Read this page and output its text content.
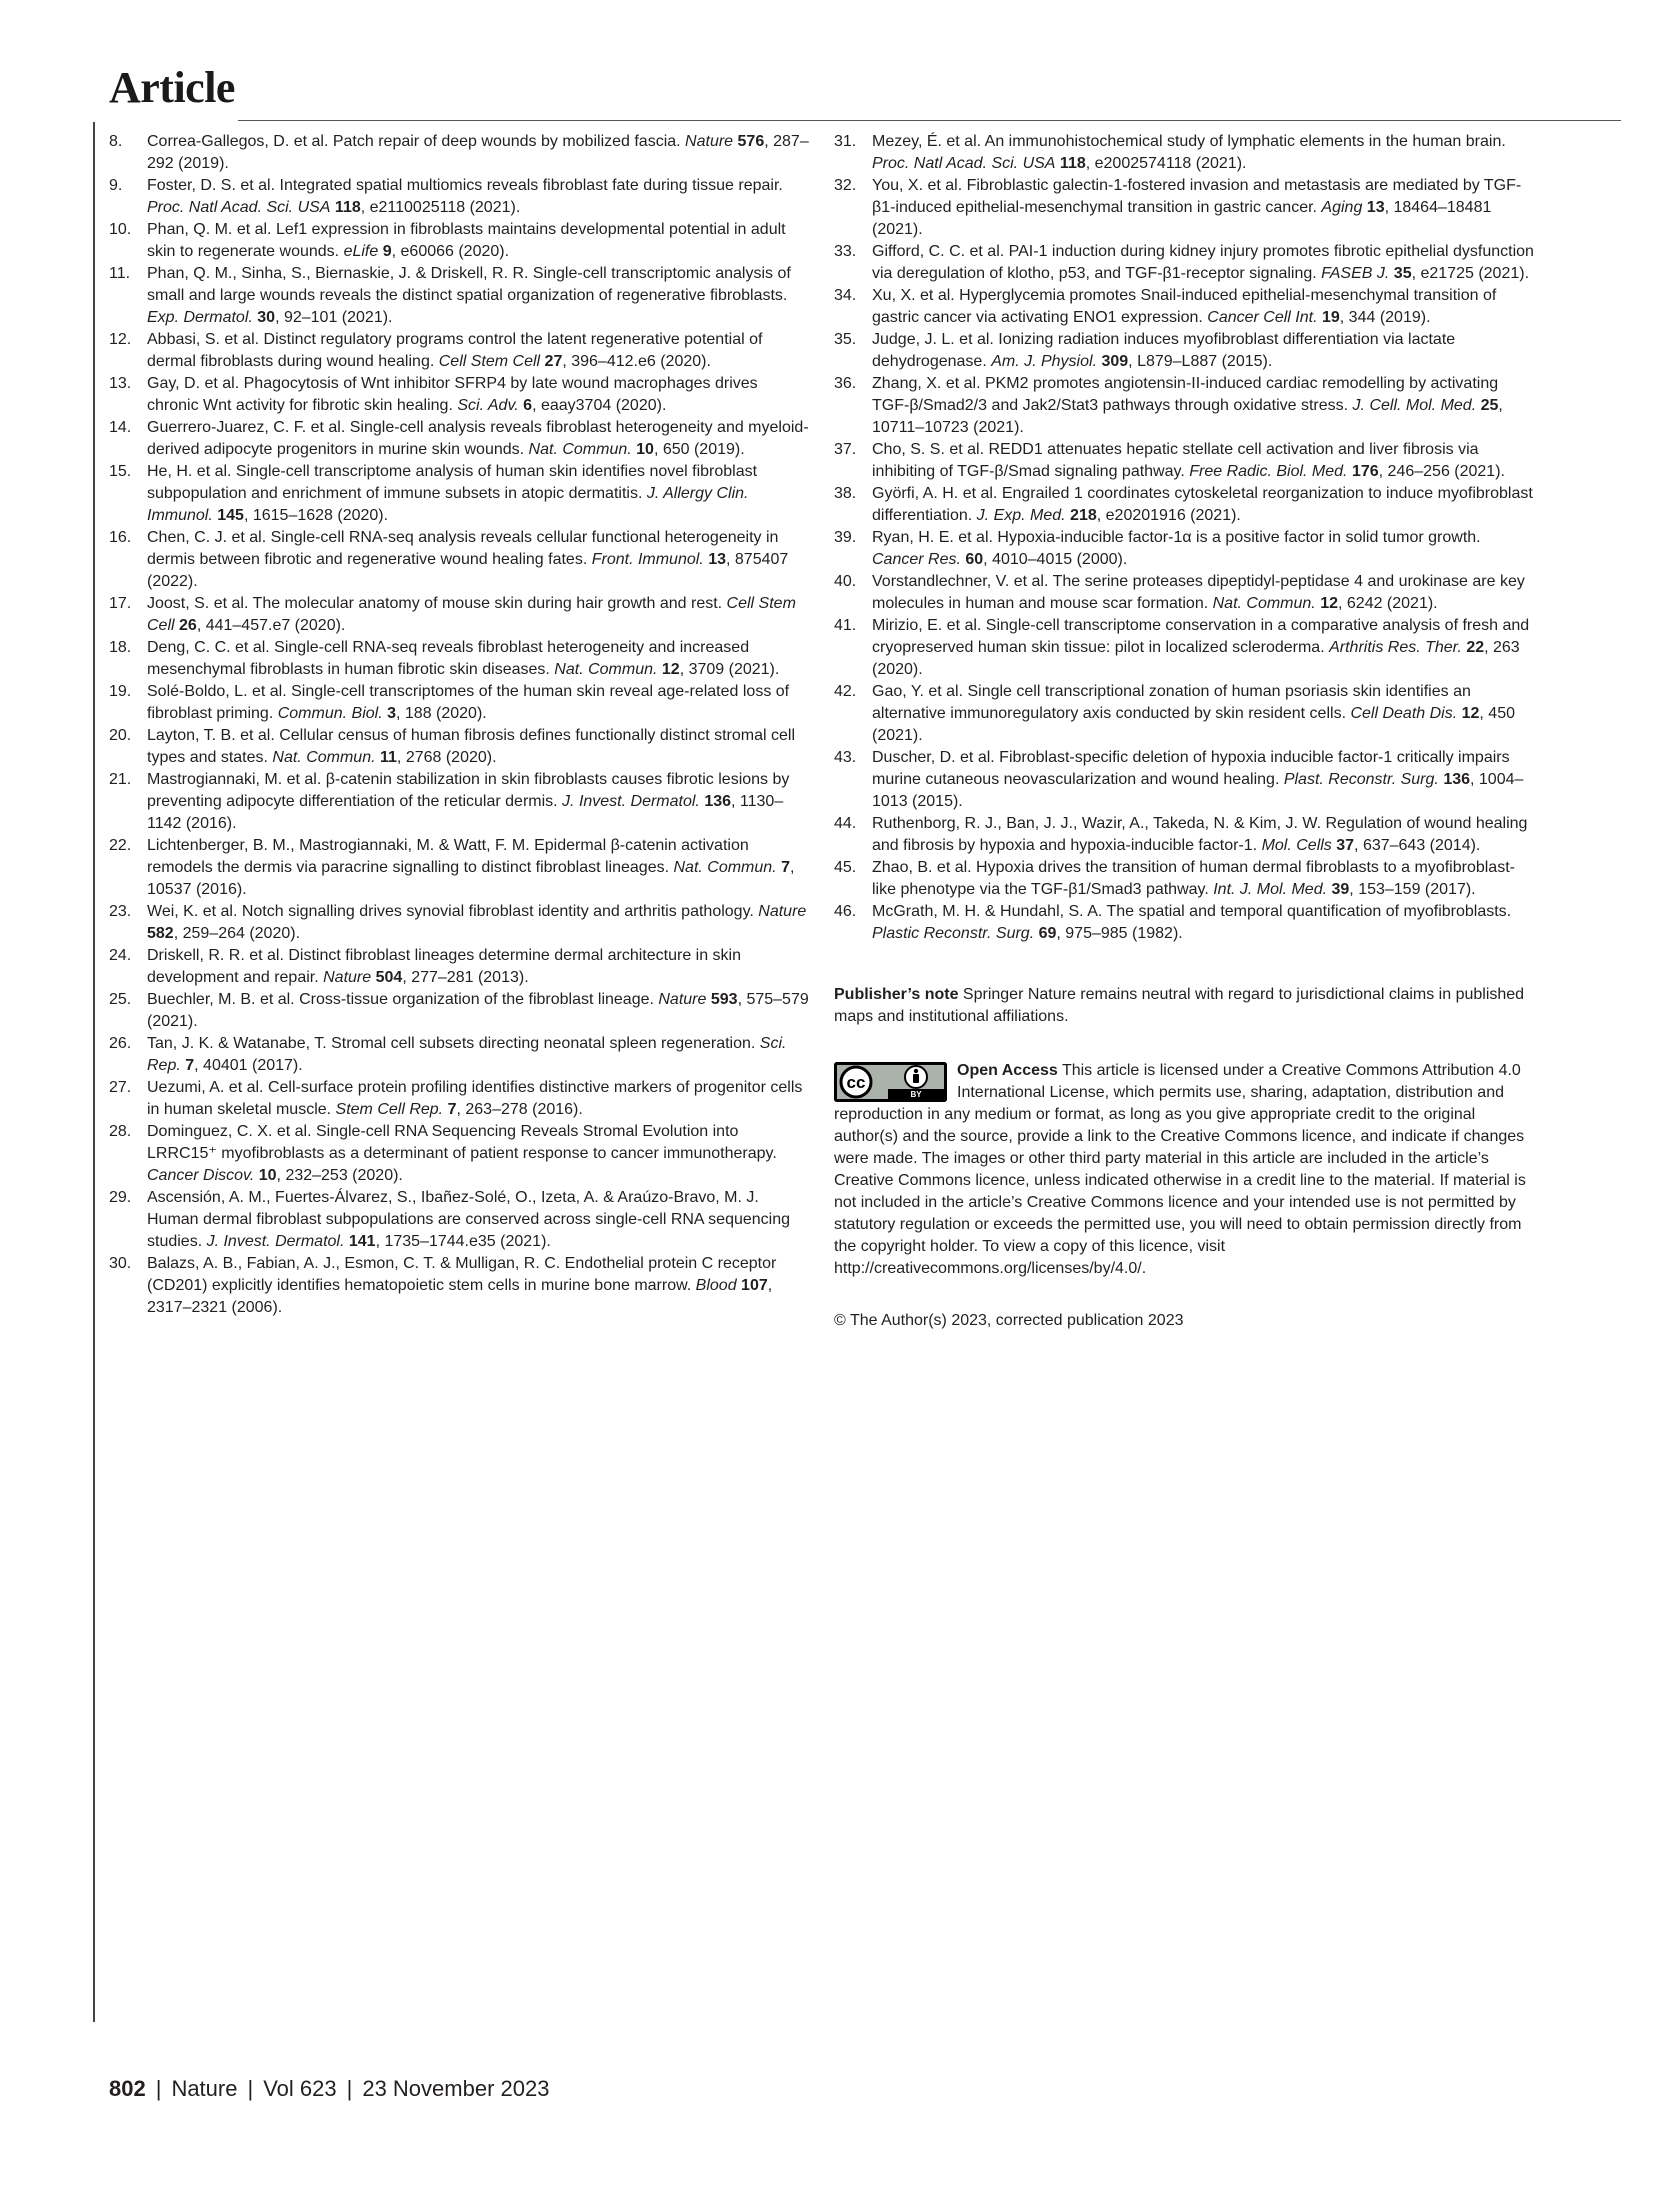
Article

8. Correa-Gallegos, D. et al. Patch repair of deep wounds by mobilized fascia. Nature 576, 287–292 (2019).

9. Foster, D. S. et al. Integrated spatial multiomics reveals fibroblast fate during tissue repair. Proc. Natl Acad. Sci. USA 118, e2110025118 (2021).

10. Phan, Q. M. et al. Lef1 expression in fibroblasts maintains developmental potential in adult skin to regenerate wounds. eLife 9, e60066 (2020).

11. Phan, Q. M., Sinha, S., Biernaskie, J. & Driskell, R. R. Single-cell transcriptomic analysis of small and large wounds reveals the distinct spatial organization of regenerative fibroblasts. Exp. Dermatol. 30, 92–101 (2021).

12. Abbasi, S. et al. Distinct regulatory programs control the latent regenerative potential of dermal fibroblasts during wound healing. Cell Stem Cell 27, 396–412.e6 (2020).

13. Gay, D. et al. Phagocytosis of Wnt inhibitor SFRP4 by late wound macrophages drives chronic Wnt activity for fibrotic skin healing. Sci. Adv. 6, eaay3704 (2020).

14. Guerrero-Juarez, C. F. et al. Single-cell analysis reveals fibroblast heterogeneity and myeloid-derived adipocyte progenitors in murine skin wounds. Nat. Commun. 10, 650 (2019).

15. He, H. et al. Single-cell transcriptome analysis of human skin identifies novel fibroblast subpopulation and enrichment of immune subsets in atopic dermatitis. J. Allergy Clin. Immunol. 145, 1615–1628 (2020).

16. Chen, C. J. et al. Single-cell RNA-seq analysis reveals cellular functional heterogeneity in dermis between fibrotic and regenerative wound healing fates. Front. Immunol. 13, 875407 (2022).

17. Joost, S. et al. The molecular anatomy of mouse skin during hair growth and rest. Cell Stem Cell 26, 441–457.e7 (2020).

18. Deng, C. C. et al. Single-cell RNA-seq reveals fibroblast heterogeneity and increased mesenchymal fibroblasts in human fibrotic skin diseases. Nat. Commun. 12, 3709 (2021).

19. Solé-Boldo, L. et al. Single-cell transcriptomes of the human skin reveal age-related loss of fibroblast priming. Commun. Biol. 3, 188 (2020).

20. Layton, T. B. et al. Cellular census of human fibrosis defines functionally distinct stromal cell types and states. Nat. Commun. 11, 2768 (2020).

21. Mastrogiannaki, M. et al. β-catenin stabilization in skin fibroblasts causes fibrotic lesions by preventing adipocyte differentiation of the reticular dermis. J. Invest. Dermatol. 136, 1130–1142 (2016).

22. Lichtenberger, B. M., Mastrogiannaki, M. & Watt, F. M. Epidermal β-catenin activation remodels the dermis via paracrine signalling to distinct fibroblast lineages. Nat. Commun. 7, 10537 (2016).

23. Wei, K. et al. Notch signalling drives synovial fibroblast identity and arthritis pathology. Nature 582, 259–264 (2020).

24. Driskell, R. R. et al. Distinct fibroblast lineages determine dermal architecture in skin development and repair. Nature 504, 277–281 (2013).

25. Buechler, M. B. et al. Cross-tissue organization of the fibroblast lineage. Nature 593, 575–579 (2021).

26. Tan, J. K. & Watanabe, T. Stromal cell subsets directing neonatal spleen regeneration. Sci. Rep. 7, 40401 (2017).

27. Uezumi, A. et al. Cell-surface protein profiling identifies distinctive markers of progenitor cells in human skeletal muscle. Stem Cell Rep. 7, 263–278 (2016).

28. Dominguez, C. X. et al. Single-cell RNA Sequencing Reveals Stromal Evolution into LRRC15⁺ myofibroblasts as a determinant of patient response to cancer immunotherapy. Cancer Discov. 10, 232–253 (2020).

29. Ascensión, A. M., Fuertes-Álvarez, S., Ibañez-Solé, O., Izeta, A. & Araúzo-Bravo, M. J. Human dermal fibroblast subpopulations are conserved across single-cell RNA sequencing studies. J. Invest. Dermatol. 141, 1735–1744.e35 (2021).

30. Balazs, A. B., Fabian, A. J., Esmon, C. T. & Mulligan, R. C. Endothelial protein C receptor (CD201) explicitly identifies hematopoietic stem cells in murine bone marrow. Blood 107, 2317–2321 (2006).

31. Mezey, É. et al. An immunohistochemical study of lymphatic elements in the human brain. Proc. Natl Acad. Sci. USA 118, e2002574118 (2021).

32. You, X. et al. Fibroblastic galectin-1-fostered invasion and metastasis are mediated by TGF-β1-induced epithelial-mesenchymal transition in gastric cancer. Aging 13, 18464–18481 (2021).

33. Gifford, C. C. et al. PAI-1 induction during kidney injury promotes fibrotic epithelial dysfunction via deregulation of klotho, p53, and TGF-β1-receptor signaling. FASEB J. 35, e21725 (2021).

34. Xu, X. et al. Hyperglycemia promotes Snail-induced epithelial-mesenchymal transition of gastric cancer via activating ENO1 expression. Cancer Cell Int. 19, 344 (2019).

35. Judge, J. L. et al. Ionizing radiation induces myofibroblast differentiation via lactate dehydrogenase. Am. J. Physiol. 309, L879–L887 (2015).

36. Zhang, X. et al. PKM2 promotes angiotensin-II-induced cardiac remodelling by activating TGF-β/Smad2/3 and Jak2/Stat3 pathways through oxidative stress. J. Cell. Mol. Med. 25, 10711–10723 (2021).

37. Cho, S. S. et al. REDD1 attenuates hepatic stellate cell activation and liver fibrosis via inhibiting of TGF-β/Smad signaling pathway. Free Radic. Biol. Med. 176, 246–256 (2021).

38. Györfi, A. H. et al. Engrailed 1 coordinates cytoskeletal reorganization to induce myofibroblast differentiation. J. Exp. Med. 218, e20201916 (2021).

39. Ryan, H. E. et al. Hypoxia-inducible factor-1α is a positive factor in solid tumor growth. Cancer Res. 60, 4010–4015 (2000).

40. Vorstandlechner, V. et al. The serine proteases dipeptidyl-peptidase 4 and urokinase are key molecules in human and mouse scar formation. Nat. Commun. 12, 6242 (2021).

41. Mirizio, E. et al. Single-cell transcriptome conservation in a comparative analysis of fresh and cryopreserved human skin tissue: pilot in localized scleroderma. Arthritis Res. Ther. 22, 263 (2020).

42. Gao, Y. et al. Single cell transcriptional zonation of human psoriasis skin identifies an alternative immunoregulatory axis conducted by skin resident cells. Cell Death Dis. 12, 450 (2021).

43. Duscher, D. et al. Fibroblast-specific deletion of hypoxia inducible factor-1 critically impairs murine cutaneous neovascularization and wound healing. Plast. Reconstr. Surg. 136, 1004–1013 (2015).

44. Ruthenborg, R. J., Ban, J. J., Wazir, A., Takeda, N. & Kim, J. W. Regulation of wound healing and fibrosis by hypoxia and hypoxia-inducible factor-1. Mol. Cells 37, 637–643 (2014).

45. Zhao, B. et al. Hypoxia drives the transition of human dermal fibroblasts to a myofibroblast-like phenotype via the TGF-β1/Smad3 pathway. Int. J. Mol. Med. 39, 153–159 (2017).

46. McGrath, M. H. & Hundahl, S. A. The spatial and temporal quantification of myofibroblasts. Plastic Reconstr. Surg. 69, 975–985 (1982).

Publisher’s note Springer Nature remains neutral with regard to jurisdictional claims in published maps and institutional affiliations.
cc
BY
Open Access This article is licensed under a Creative Commons Attribution 4.0 International License, which permits use, sharing, adaptation, distribution and reproduction in any medium or format, as long as you give appropriate credit to the original author(s) and the source, provide a link to the Creative Commons licence, and indicate if changes were made. The images or other third party material in this article are included in the article’s Creative Commons licence, unless indicated otherwise in a credit line to the material. If material is not included in the article’s Creative Commons licence and your intended use is not permitted by statutory regulation or exceeds the permitted use, you will need to obtain permission directly from the copyright holder. To view a copy of this licence, visit http://creativecommons.org/licenses/by/4.0/.
© The Author(s) 2023, corrected publication 2023
802 | Nature | Vol 623 | 23 November 2023
